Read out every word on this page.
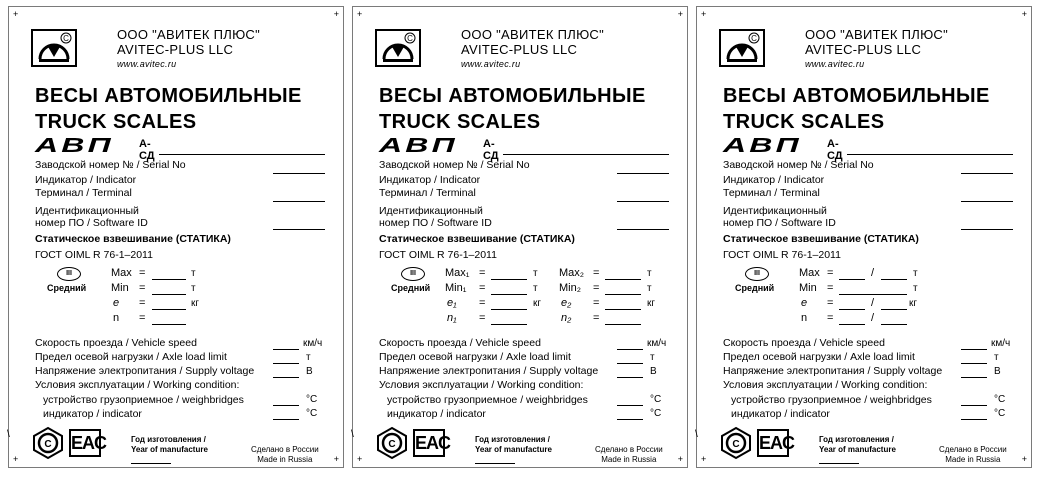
+	+
+	+
С	ООО "АВИТЕК ПЛЮС"
AVITEC-PLUS LLC
www.avitec.ru
ВЕСЫ АВТОМОБИЛЬНЫЕ
TRUCK SCALES
АВП А-СД
Заводской номер № / Serial No
Индикатор / Indicator
Терминал / Terminal
Идентификационный
номер ПО / Software ID
Статическое взвешивание (СТАТИКА)
ГОСТ OIML R 76-1–2011
III
Средний
Max =	т
Min =	т
e =	кг
n =
Скорость проезда / Vehicle speed	км/ч
Предел осевой нагрузки / Axle load limit	т
Напряжение электропитания / Supply voltage	В
Условия эксплуатации / Working condition:
устройство грузоприемное / weighbridges	°С
индикатор / indicator	°С
\
С EAC	Год изготовления /
Year of manufacture	Сделано в России
Made in Russia
+	+
+	+
С	ООО "АВИТЕК ПЛЮС"
AVITEC-PLUS LLC
www.avitec.ru
ВЕСЫ АВТОМОБИЛЬНЫЕ
TRUCK SCALES
АВП А-СД
Заводской номер № / Serial No
Индикатор / Indicator
Терминал / Terminal
Идентификационный
номер ПО / Software ID
Статическое взвешивание (СТАТИКА)
ГОСТ OIML R 76-1–2011
III
Средний
Max₁ =	т
Min₁ =	т
e₁ =	кг
n₁ =
Max₂ =	т
Min₂ =	т
e₂ =	кг
n₂ =
Скорость проезда / Vehicle speed	км/ч
Предел осевой нагрузки / Axle load limit	т
Напряжение электропитания / Supply voltage	В
Условия эксплуатации / Working condition:
устройство грузоприемное / weighbridges	°С
индикатор / indicator	°С
\
С EAC	Год изготовления /
Year of manufacture	Сделано в России
Made in Russia
+	+
+	+
С	ООО "АВИТЕК ПЛЮС"
AVITEC-PLUS LLC
www.avitec.ru
ВЕСЫ АВТОМОБИЛЬНЫЕ
TRUCK SCALES
АВП А-СД
Заводской номер № / Serial No
Индикатор / Indicator
Терминал / Terminal
Идентификационный
номер ПО / Software ID
Статическое взвешивание (СТАТИКА)
ГОСТ OIML R 76-1–2011
III
Средний
Max =	/	т
Min =	т
e =	/	кг
n =	/
Скорость проезда / Vehicle speed	км/ч
Предел осевой нагрузки / Axle load limit	т
Напряжение электропитания / Supply voltage	В
Условия эксплуатации / Working condition:
устройство грузоприемное / weighbridges	°С
индикатор / indicator	°С
\
С EAC	Год изготовления /
Year of manufacture	Сделано в России
Made in Russia
